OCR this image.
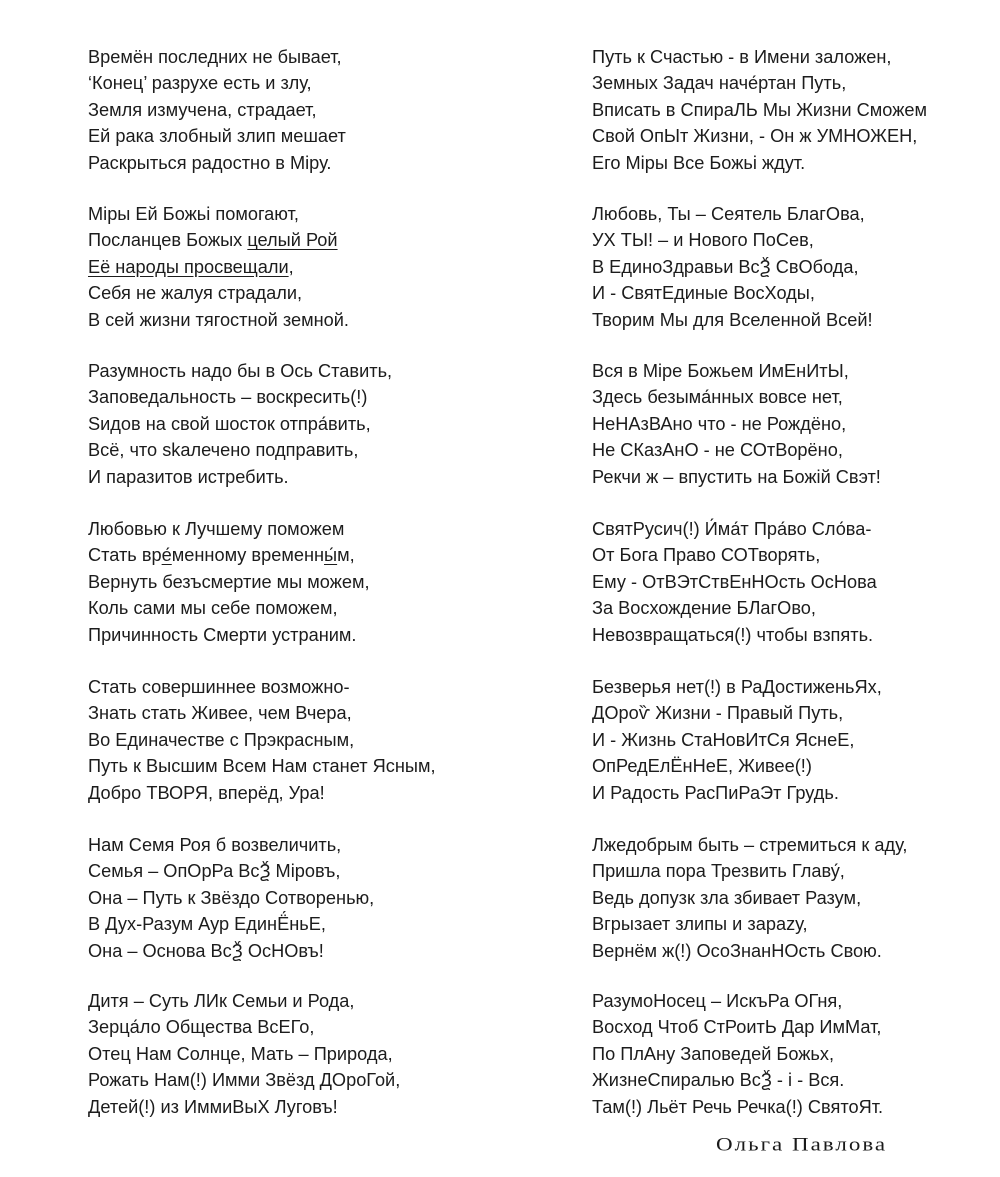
Времён последних не бывает,
‘Конец’ разрухе есть и злу,
Земля измучена, страдает,
Ей рака злобный злип мешает
Раскрыться радостно в Міру.
Міры Ей Божьі помогают,
Посланцев Божых целый Рой
Её народы просвещали,
Себя не жалуя страдали,
В сей жизни тягостной земной.
Разумность надо бы в Ось Ставить,
Заповедальность – воскресить(!)
Sидов на свой шосток отпра́вить,
Всё, что skалечено подправить,
И паразитов истребить.
Любовью к Лучшему поможем
Стать вре́менному временны́м,
Вернуть безъсмертие мы можем,
Коль сами мы себе поможем,
Причинность Смерти устраним.
Стать совершиннее возможно-
Знать стать Живее, чем Вчера,
Во Единачестве с Прэкрасным,
Путь к Высшим Всем Нам станет Ясным,
Добро ТВОРЯ, вперёд, Ура!
Нам Семя Роя б возвеличить,
Семья – ОпОрРа ВсѮ Міровъ,
Она – Путь к Звёздо Сотворенью,
В Дух-Разум Аур ЕдинЁ́ньЕ,
Она – Основа ВсѮ ОсНОвъ!
Дитя – Суть ЛИк Семьи и Рода,
Зерца́ло Общества ВсЕГо,
Отец Нам Солнце, Мать – Природа,
Рожать Нам(!) Имми Звёзд ДОроГой,
Детей(!) из ИммиВыХ Луговъ!
Путь к Счастью - в Имени заложен,
Земных Задач наче́ртан Путь,
Вписать в СпираЛЬ Мы Жизни Сможем
Свой ОпЫт Жизни, - Он ж УМНОЖЕН,
Его Міры Все Божьі ждут.
Любовь, Ты – Сеятель БлагОва,
УХ ТЫ! – и Нового ПоСев,
В ЕдиноЗдравьи ВсѮ СвОбода,
И - СвятЕдиные ВосХоды,
Творим Мы для Вселенной Всей!
Вся в Міре Божьем ИмЕнИтЫ,
Здесь безыма́нных вовсе нет,
НеНАзВАно что - не Рождёно,
Не СКазАнО - не СОтВорёно,
Рекчи ж – впустить на Божій Свэт!
СвятРусич(!) И́ма́т Пра́во Сло́ва-
От Бога Право СОТворять,
Ему - ОтВЭтСтвЕнНОсть ОсНова
За Восхождение БЛагОво,
Невозвращаться(!) чтобы взпять.
Безверья нет(!) в РаДостиженьЯх,
ДОроѷ Жизни - Правый Путь,
И - Жизнь СтаНовИтСя ЯснеЕ,
ОпРедЕлЁнНеЕ, Живее(!)
И Радость РасПиРаЭт Грудь.
Лжедобрым быть – стремиться к аду,
Пришла пора Трезвить Главу́,
Ведь допузк зла збивает Разум,
Вгрызает злипы и зараzу,
Вернём ж(!) ОсоЗнанНОсть Свою.
РазумоНосец – ИскъРа ОГня,
Восход Чтоб СтРоитЬ Дар ИмМат,
По ПлАну Заповедей Божьх,
ЖизнеСпиралью ВсѮ - і - Вся.
Там(!) Льёт Речь Речка(!) СвятоЯт.
Ольга Павлова
